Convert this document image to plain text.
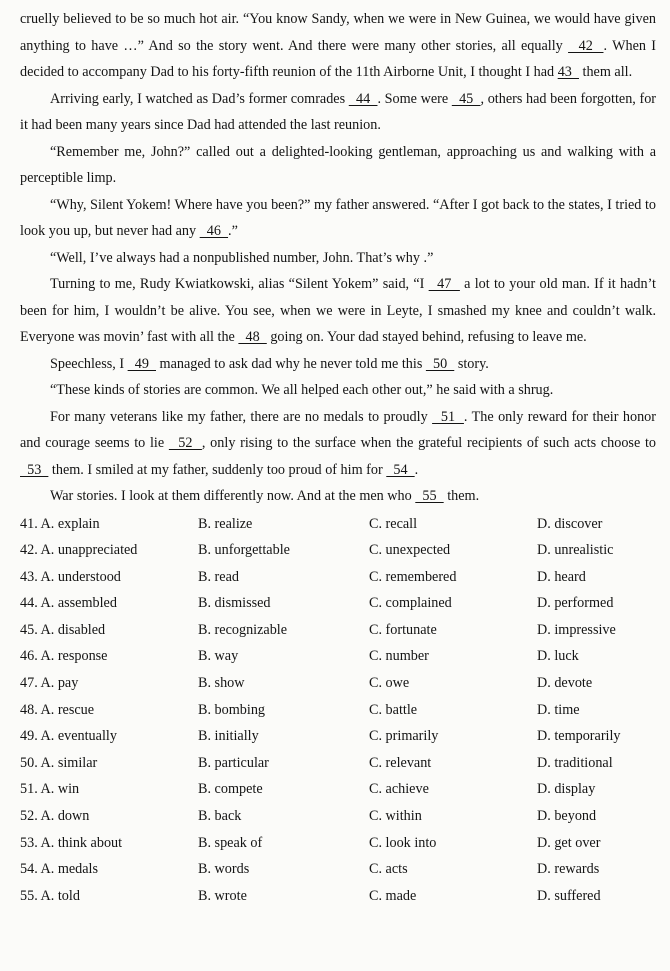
cruelly believed to be so much hot air. “You know Sandy, when we were in New Guinea, we would have given anything to have …” And so the story went. And there were many other stories, all equally   42  . When I decided to accompany Dad to his forty-fifth reunion of the 11th Airborne Unit, I thought I had 43   them all.

Arriving early, I watched as Dad’s former comrades   44  . Some were   45  , others had been forgotten, for it had been many years since Dad had attended the last reunion.

“Remember me, John?” called out a delighted-looking gentleman, approaching us and walking with a perceptible limp.

“Why, Silent Yokem! Where have you been?” my father answered. “After I got back to the states, I tried to look you up, but never had any   46  .”

“Well, I’ve always had a nonpublished number, John. That’s why .”

Turning to me, Rudy Kwiatkowski, alias “Silent Yokem” said, “I   47   a lot to your old man. If it hadn’t been for him, I wouldn’t be alive. You see, when we were in Leyte, I smashed my knee and couldn’t walk. Everyone was movin’ fast with all the   48   going on. Your dad stayed behind, refusing to leave me.

Speechless, I   49   managed to ask dad why he never told me this   50   story.

“These kinds of stories are common. We all helped each other out,” he said with a shrug.

For many veterans like my father, there are no medals to proudly   51  . The only reward for their honor and courage seems to lie   52  , only rising to the surface when the grateful recipients of such acts choose to   53   them. I smiled at my father, suddenly too proud of him for   54  .

War stories. I look at them differently now. And at the men who   55   them.

41. A. explain	B. realize	C. recall	D. discover
42. A. unappreciated	B. unforgettable	C. unexpected	D. unrealistic
43. A. understood	B. read	C. remembered	D. heard
44. A. assembled	B. dismissed	C. complained	D. performed
45. A. disabled	B. recognizable	C. fortunate	D. impressive
46. A. response	B. way	C. number	D. luck
47. A. pay	B. show	C. owe	D. devote
48. A. rescue	B. bombing	C. battle	D. time
49. A. eventually	B. initially	C. primarily	D. temporarily
50. A. similar	B. particular	C. relevant	D. traditional
51. A. win	B. compete	C. achieve	D. display
52. A. down	B. back	C. within	D. beyond
53. A. think about	B. speak of	C. look into	D. get over
54. A. medals	B. words	C. acts	D. rewards
55. A. told	B. wrote	C. made	D. suffered
